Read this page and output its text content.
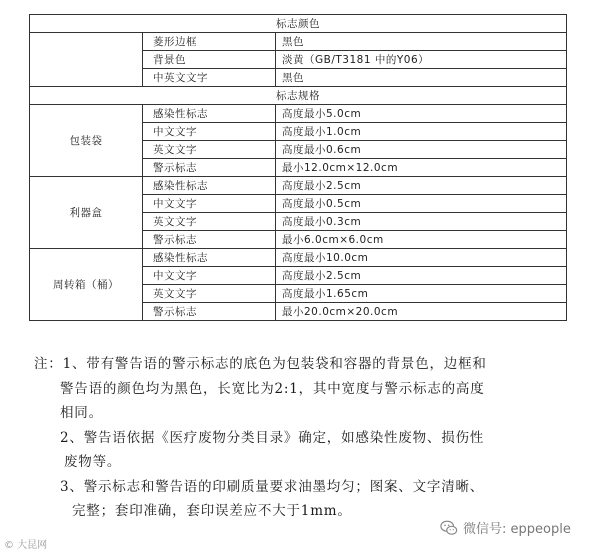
标志颜色		
	菱形边框	黑色
	背景色	淡黄（GB/T3181 中的Y06）
	中英文文字	黑色
标志规格		
包装袋	感染性标志	高度最小5.0cm
	中文文字	高度最小1.0cm
	英文文字	高度最小0.6cm
	警示标志	最小12.0cm×12.0cm
利器盒	感染性标志	高度最小2.5cm
	中文文字	高度最小0.5cm
	英文文字	高度最小0.3cm
	警示标志	最小6.0cm×6.0cm
周转箱（桶）	感染性标志	高度最小10.0cm
	中文文字	高度最小2.5cm
	英文文字	高度最小1.65cm
	警示标志	最小20.0cm×20.0cm
注：1、带有警告语的警示标志的底色为包装袋和容器的背景色，边框和
警告语的颜色均为黑色，长宽比为2:1，其中宽度与警示标志的高度
相同。
2、警告语依据《医疗废物分类目录》确定，如感染性废物、损伤性
废物等。
3、警示标志和警告语的印刷质量要求油墨均匀；图案、文字清晰、
完整；套印准确，套印误差应不大于1mm。
© 大昆网
微信号: eppeople
